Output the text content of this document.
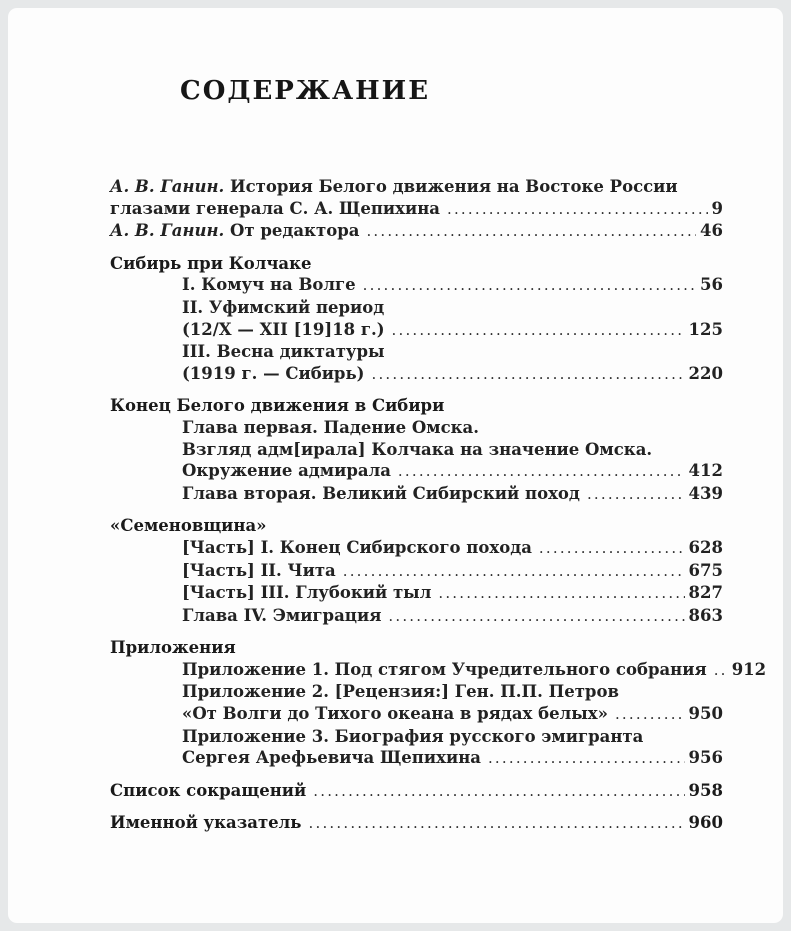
СОДЕРЖАНИЕ
А. В. Ганин. История Белого движения на Востоке России
глазами генерала С. А. Щепихина .....	9
А. В. Ганин. От редактора .....	46
Сибирь при Колчаке
I. Комуч на Волге .....	56
II. Уфимский период
(12/X — XII [19]18 г.) .....	125
III. Весна диктатуры
(1919 г. — Сибирь) .....	220
Конец Белого движения в Сибири
Глава первая. Падение Омска.
Взгляд адм[ирала] Колчака на значение Омска.
Окружение адмирала .....	412
Глава вторая. Великий Сибирский поход .....	439
«Семеновщина»
[Часть] I. Конец Сибирского похода .....	628
[Часть] II. Чита .....	675
[Часть] III. Глубокий тыл .....	827
Глава IV. Эмиграция .....	863
Приложения
Приложение 1. Под стягом Учредительного собрания ..... 912
Приложение 2. [Рецензия:] Ген. П.П. Петров
«От Волги до Тихого океана в рядах белых» .....	950
Приложение 3. Биография русского эмигранта
Сергея Арефьевича Щепихина .....	956
Список сокращений .....	958
Именной указатель .....	960
